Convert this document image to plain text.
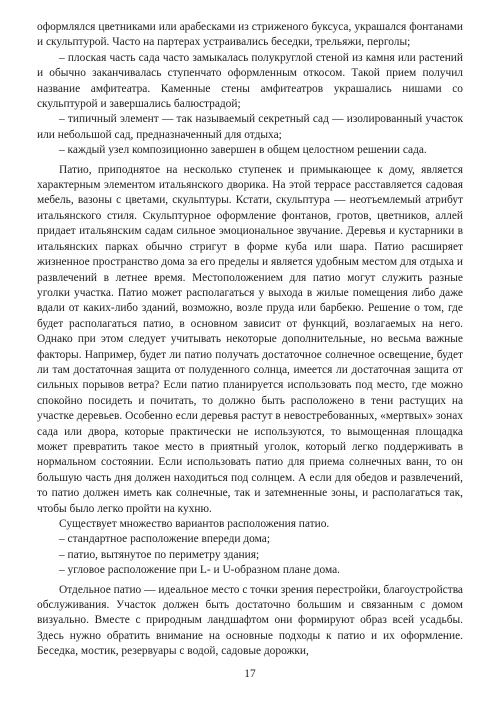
оформлялся цветниками или арабесками из стриженого буксуса, украшался фонтанами и скульптурой. Часто на партерах устраивались беседки, трельяжи, перголы;

– плоская часть сада часто замыкалась полукруглой стеной из камня или растений и обычно заканчивалась ступенчато оформленным откосом. Такой прием получил название амфитеатра. Каменные стены амфитеатров украшались нишами со скульптурой и завершались балюстрадой;

– типичный элемент — так называемый секретный сад — изолированный участок или небольшой сад, предназначенный для отдыха;

– каждый узел композиционно завершен в общем целостном решении сада.

Патио, приподнятое на несколько ступенек и примыкающее к дому, является характерным элементом итальянского дворика. На этой террасе расставляется садовая мебель, вазоны с цветами, скульптуры. Кстати, скульптура — неотъемлемый атрибут итальянского стиля. Скульптурное оформление фонтанов, гротов, цветников, аллей придает итальянским садам сильное эмоциональное звучание. Деревья и кустарники в итальянских парках обычно стригут в форме куба или шара. Патио расширяет жизненное пространство дома за его пределы и является удобным местом для отдыха и развлечений в летнее время. Местоположением для патио могут служить разные уголки участка. Патио может располагаться у выхода в жилые помещения либо даже вдали от каких-либо зданий, возможно, возле пруда или барбекю. Решение о том, где будет располагаться патио, в основном зависит от функций, возлагаемых на него. Однако при этом следует учитывать некоторые дополнительные, но весьма важные факторы. Например, будет ли патио получать достаточное солнечное освещение, будет ли там достаточная защита от полуденного солнца, имеется ли достаточная защита от сильных порывов ветра? Если патио планируется использовать под место, где можно спокойно посидеть и почитать, то должно быть расположено в тени растущих на участке деревьев. Особенно если деревья растут в невостребованных, «мертвых» зонах сада или двора, которые практически не используются, то вымощенная площадка может превратить такое место в приятный уголок, который легко поддерживать в нормальном состоянии. Если использовать патио для приема солнечных ванн, то он большую часть дня должен находиться под солнцем. А если для обедов и развлечений, то патио должен иметь как солнечные, так и затемненные зоны, и располагаться так, чтобы было легко пройти на кухню.

Существует множество вариантов расположения патио.

– стандартное расположение впереди дома;

– патио, вытянутое по периметру здания;

– угловое расположение при L- и U-образном плане дома.

Отдельное патио — идеальное место с точки зрения перестройки, благоустройства обслуживания. Участок должен быть достаточно большим и связанным с домом визуально. Вместе с природным ландшафтом они формируют образ всей усадьбы. Здесь нужно обратить внимание на основные подходы к патио и их оформление. Беседка, мостик, резервуары с водой, садовые дорожки,

17
